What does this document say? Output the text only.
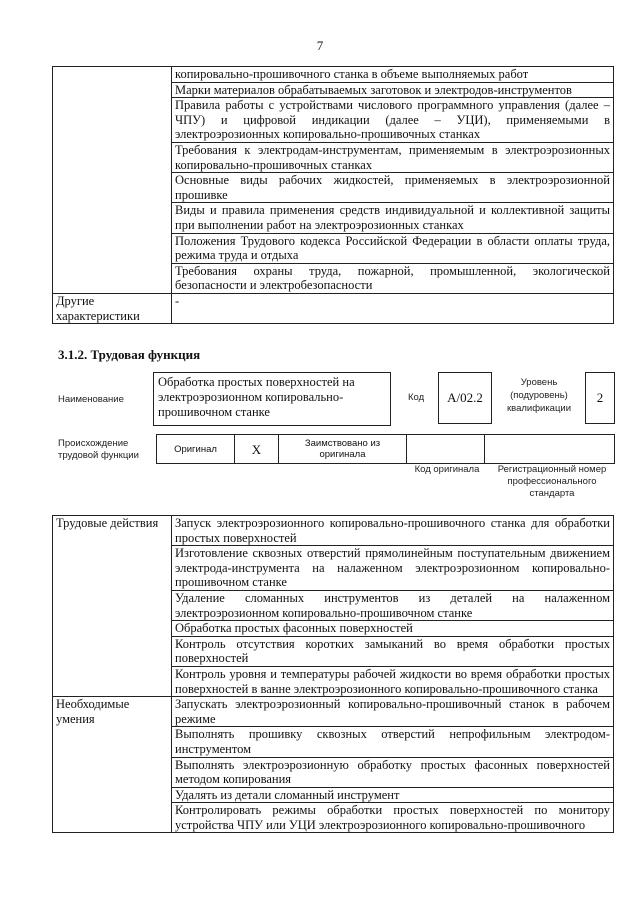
7
	копировально-прошивочного станка в объеме выполняемых работ
	Марки материалов обрабатываемых заготовок и электродов-инструментов
	Правила работы с устройствами числового программного управления (далее – ЧПУ) и цифровой индикации (далее – УЦИ), применяемыми в электроэрозионных копировально-прошивочных станках
	Требования к электродам-инструментам, применяемым в электроэрозионных копировально-прошивочных станках
	Основные виды рабочих жидкостей, применяемых в электроэрозионной прошивке
	Виды и правила применения средств индивидуальной и коллективной защиты при выполнении работ на электроэрозионных станках
	Положения Трудового кодекса Российской Федерации в области оплаты труда, режима труда и отдыха
	Требования охраны труда, пожарной, промышленной, экологической безопасности и электробезопасности
Другие характеристики	-
3.1.2. Трудовая функция
Наименование
Обработка простых поверхностей на электроэрозионном копировально-прошивочном станке
Код	A/02.2
Уровень (подуровень) квалификации
2
Происхождение трудовой функции
Оригинал	X	Заимствовано из оригинала		
Код оригинала	Регистрационный номер профессионального стандарта
Трудовые действия	Запуск электроэрозионного копировально-прошивочного станка для обработки простых поверхностей
	Изготовление сквозных отверстий прямолинейным поступательным движением электрода-инструмента на налаженном электроэрозионном копировально-прошивочном станке
	Удаление сломанных инструментов из деталей на налаженном электроэрозионном копировально-прошивочном станке
	Обработка простых фасонных поверхностей
	Контроль отсутствия коротких замыканий во время обработки простых поверхностей
	Контроль уровня и температуры рабочей жидкости во время обработки простых поверхностей в ванне электроэрозионного копировально-прошивочного станка
Необходимые умения	Запускать электроэрозионный копировально-прошивочный станок в рабочем режиме
	Выполнять прошивку сквозных отверстий непрофильным электродом-инструментом
	Выполнять электроэрозионную обработку простых фасонных поверхностей методом копирования
	Удалять из детали сломанный инструмент
	Контролировать режимы обработки простых поверхностей по монитору устройства ЧПУ или УЦИ электроэрозионного копировально-прошивочного
